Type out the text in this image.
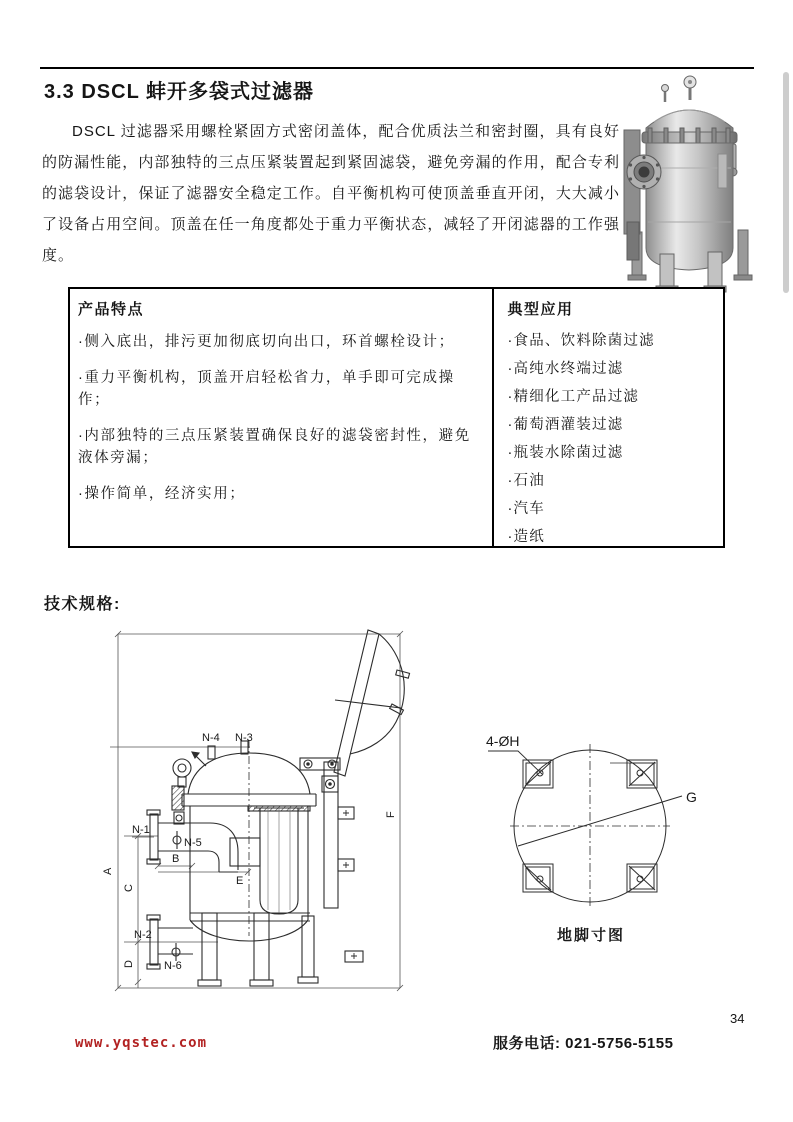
3.3 DSCL 蚌开多袋式过滤器

DSCL 过滤器采用螺栓紧固方式密闭盖体，配合优质法兰和密封圈，具有良好的防漏性能，内部独特的三点压紧装置起到紧固滤袋，避免旁漏的作用，配合专利的滤袋设计，保证了滤器安全稳定工作。自平衡机构可使顶盖垂直开闭，大大减小了设备占用空间。顶盖在任一角度都处于重力平衡状态，减轻了开闭滤器的工作强度。

产品特点
·侧入底出，排污更加彻底切向出口，环首螺栓设计；
·重力平衡机构，顶盖开启轻松省力，单手即可完成操作；
·内部独特的三点压紧装置确保良好的滤袋密封性，避免 液体旁漏；
·操作简单，经济实用；
典型应用
·食品、饮料除菌过滤
·高纯水终端过滤
·精细化工产品过滤
·葡萄酒灌装过滤
·瓶装水除菌过滤
·石油
·汽车
·造纸
技术规格:
N-4 N-3
N-1
N-5
N-2
N-6
B
E
A
C
D
F
4-ØH
G
地脚寸图
www.yqstec.com	服务电话: 021-5756-5155
34
